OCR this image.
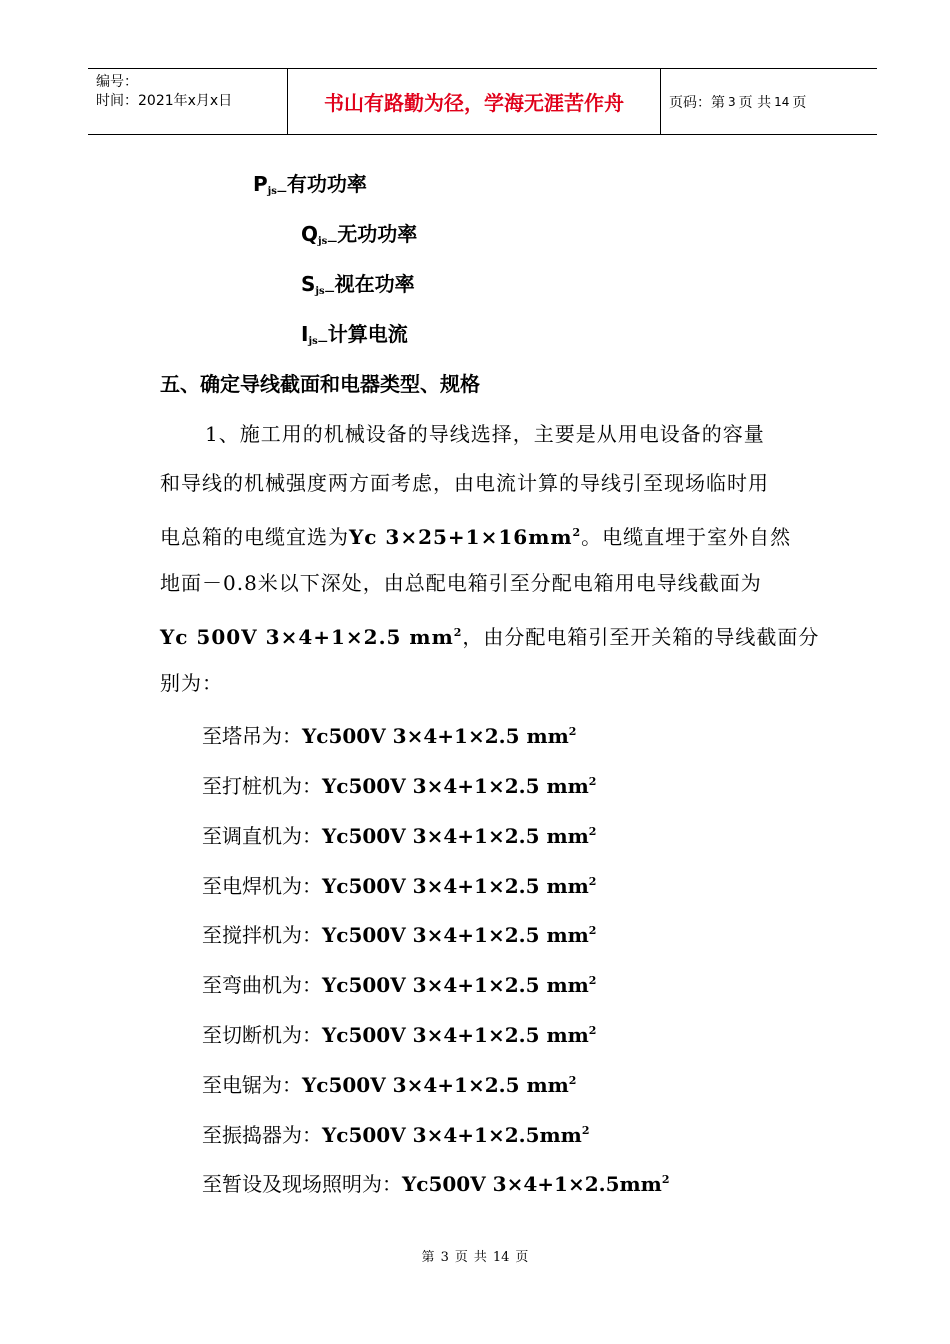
编号：
时间：2021年x月x日	书山有路勤为径，学海无涯苦作舟	页码：第 3 页 共 14 页
$P_{js—}$有功功率
$Q_{js—}$无功功率
$S_{js—}$视在功率
$I_{js—}$计算电流
五、确定导线截面和电器类型、规格
1、施工用的机械设备的导线选择，主要是从用电设备的容量
和导线的机械强度两方面考虑，由电流计算的导线引至现场临时用
电总箱的电缆宜选为Yc $3\times 25+1\times 16mm^2$。电缆直埋于室外自然
地面－0.8米以下深处，由总配电箱引至分配电箱用电导线截面为
Yc 500V 3×4+1×2.5 $mm^2$，由分配电箱引至开关箱的导线截面分
别为：
至塔吊为：Yc500V 3×4+1×2.5 $mm^2$
至打桩机为：Yc500V 3×4+1×2.5 $mm^2$
至调直机为：Yc500V 3×4+1×2.5 $mm^2$
至电焊机为：Yc500V 3×4+1×2.5 $mm^2$
至搅拌机为：Yc500V 3×4+1×2.5 $mm^2$
至弯曲机为：Yc500V 3×4+1×2.5 $mm^2$
至切断机为：Yc500V 3×4+1×2.5 $mm^2$
至电锯为：Yc500V 3×4+1×2.5 $mm^2$
至振捣器为：Yc500V $3\times 4+1\times 2.5mm^2$
至暂设及现场照明为：Yc500V $3\times 4+1\times 2.5mm^2$
第 3 页 共 14 页
